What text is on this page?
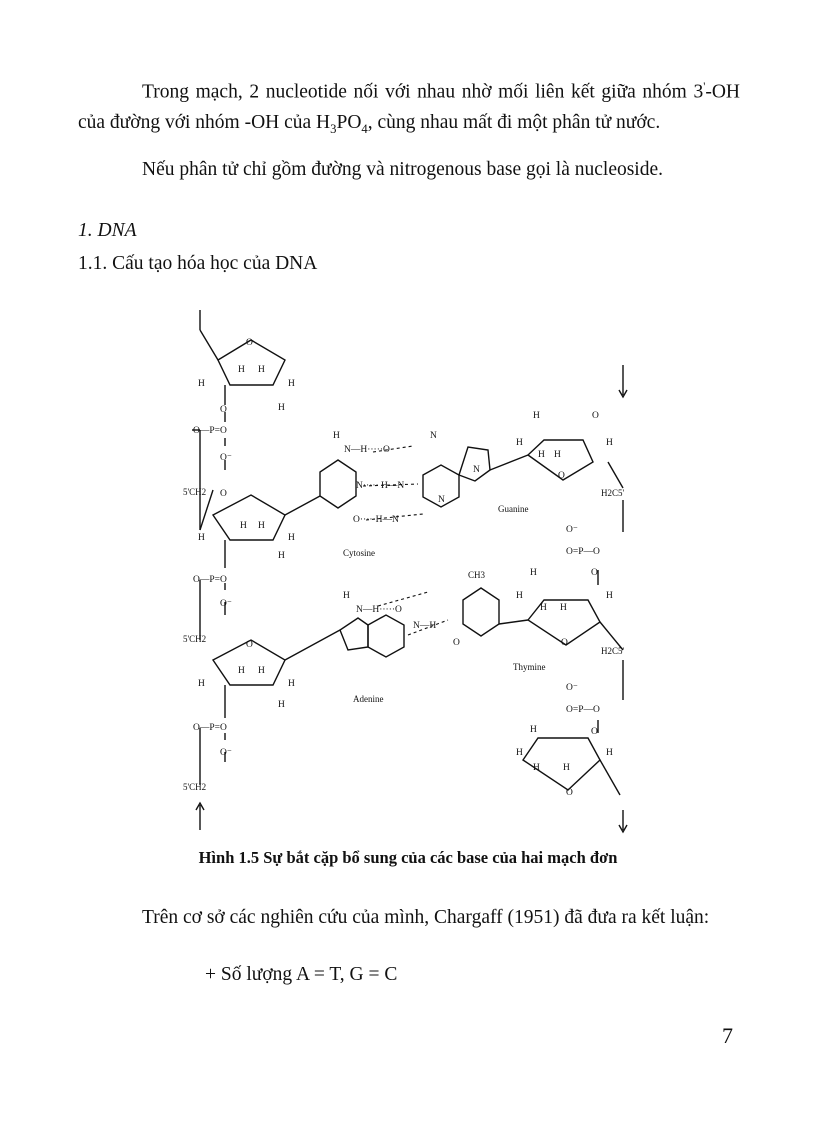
Trong mạch, 2 nucleotide nối với nhau nhờ mối liên kết giữa nhóm 3'-OH của đường với nhóm -OH của $H_3PO_4$, cùng nhau mất đi một phân tử nước.

Nếu phân tử chỉ gồm đường và nitrogenous base gọi là nucleoside.

1. DNA

1.1. Cấu tạo hóa học của DNA

O
H H
H	H
H
O
O—P=O
O⁻
O
H H
H	H
H
O—P=O
O⁻
O
H H
H	H
H
O—P=O
O⁻
H
N—H·····O
N····· H—N
O·····H—N
N
N
N
H	O
H	H
H H
O
O⁻
O=P—O
O
H
H	H
H H
O
H
N—H·····O
N—H
O
O⁻
O=P—O
O
H
H	H
H H
O
5'CH2
5'CH2
5'CH2
H2C5'
H2C5'
CH3
Cytosine
Guanine
Adenine
Thymine

Hình 1.5 Sự bắt cặp bổ sung của các base của hai mạch đơn

Trên cơ sở các nghiên cứu của mình, Chargaff (1951) đã đưa ra kết luận:

+ Số lượng A = T, G = C

7
